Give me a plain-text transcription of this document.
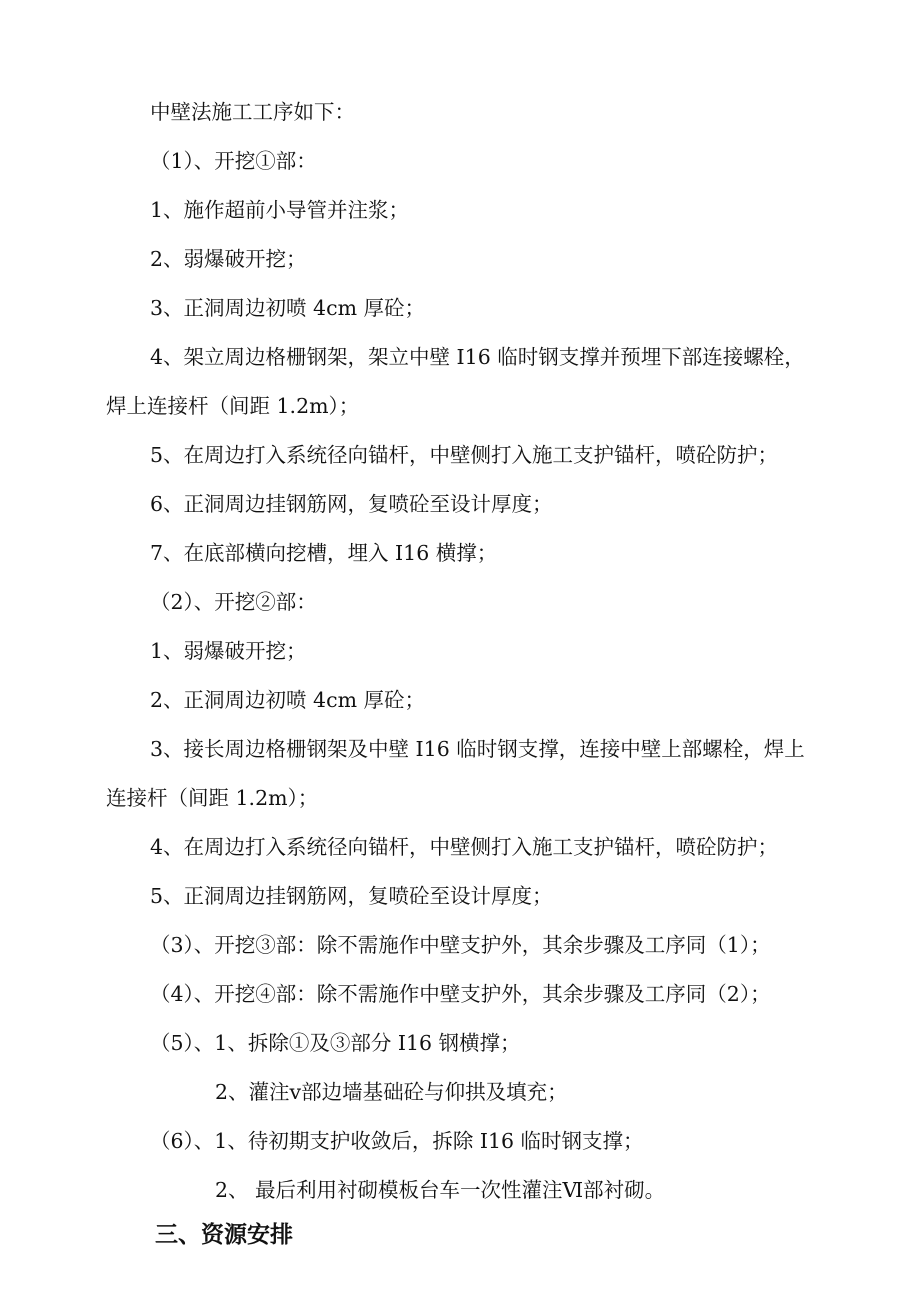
中壁法施工工序如下：

（1）、开挖①部：

1、施作超前小导管并注浆；

2、弱爆破开挖；

3、正洞周边初喷 4cm 厚砼；

4、架立周边格栅钢架，架立中壁 I16 临时钢支撑并预埋下部连接螺栓，

焊上连接杆（间距 1.2m）；

5、在周边打入系统径向锚杆，中壁侧打入施工支护锚杆，喷砼防护；

6、正洞周边挂钢筋网，复喷砼至设计厚度；

7、在底部横向挖槽，埋入 I16 横撑；

（2）、开挖②部：

1、弱爆破开挖；

2、正洞周边初喷 4cm 厚砼；

3、接长周边格栅钢架及中壁 I16 临时钢支撑，连接中壁上部螺栓，焊上

连接杆（间距 1.2m）；

4、在周边打入系统径向锚杆，中壁侧打入施工支护锚杆，喷砼防护；

5、正洞周边挂钢筋网，复喷砼至设计厚度；

（3）、开挖③部：除不需施作中壁支护外，其余步骤及工序同（1）；

（4）、开挖④部：除不需施作中壁支护外，其余步骤及工序同（2）；

（5）、1、拆除①及③部分 I16 钢横撑；

2、灌注ⅴ部边墙基础砼与仰拱及填充；

（6）、1、待初期支护收敛后，拆除 I16 临时钢支撑；

2、 最后利用衬砌模板台车一次性灌注Ⅵ部衬砌。

三、资源安排
